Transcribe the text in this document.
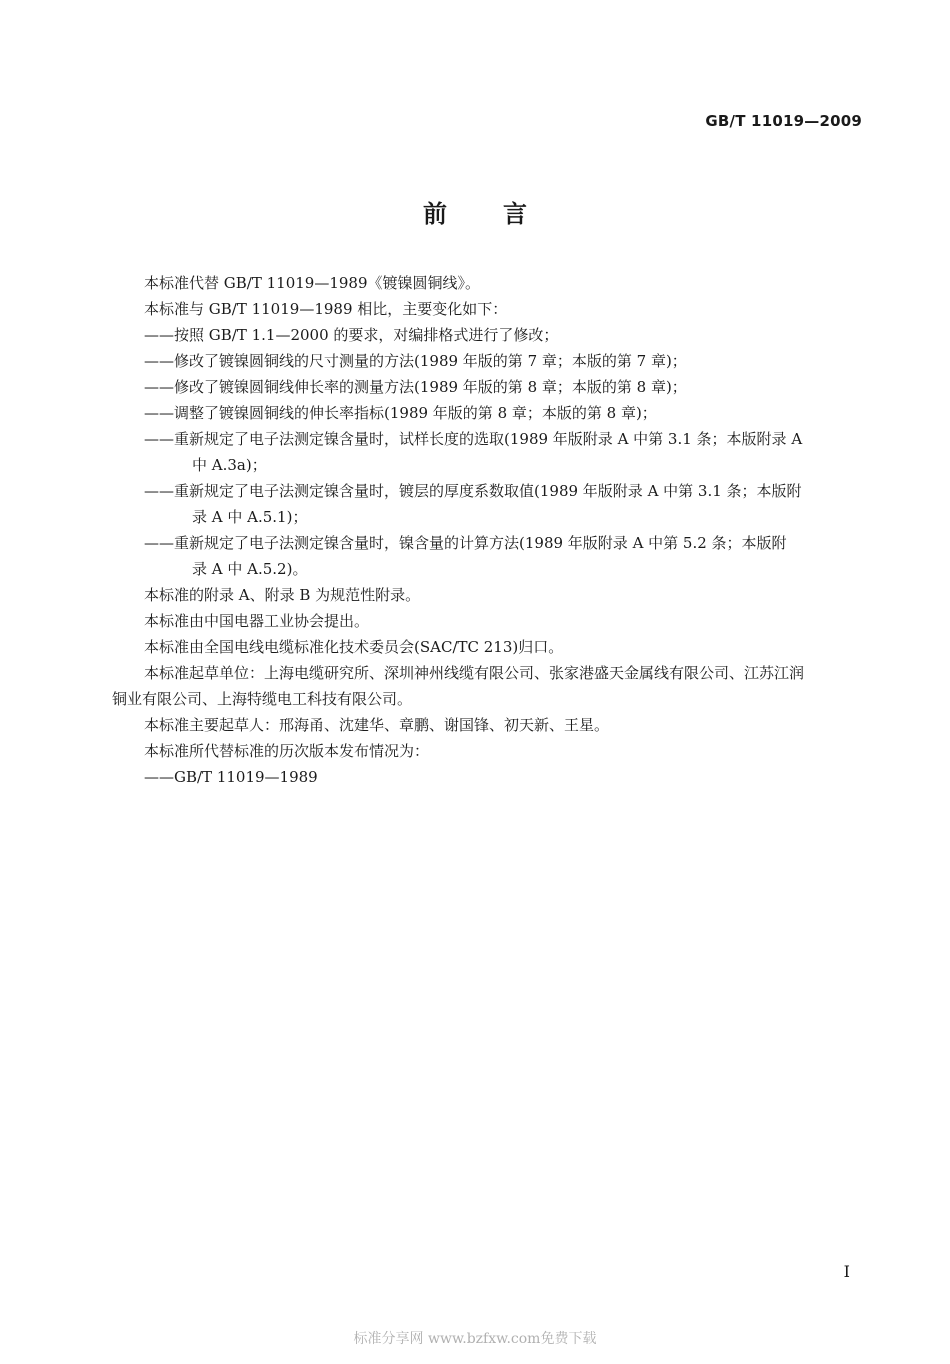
GB/T 11019—2009
前言
本标准代替 GB/T 11019—1989《镀镍圆铜线》。
本标准与 GB/T 11019—1989 相比，主要变化如下：
——按照 GB/T 1.1—2000 的要求，对编排格式进行了修改；
——修改了镀镍圆铜线的尺寸测量的方法(1989 年版的第 7 章；本版的第 7 章)；
——修改了镀镍圆铜线伸长率的测量方法(1989 年版的第 8 章；本版的第 8 章)；
——调整了镀镍圆铜线的伸长率指标(1989 年版的第 8 章；本版的第 8 章)；
——重新规定了电子法测定镍含量时，试样长度的选取(1989 年版附录 A 中第 3.1 条；本版附录 A
中 A.3a)；
——重新规定了电子法测定镍含量时，镀层的厚度系数取值(1989 年版附录 A 中第 3.1 条；本版附
录 A 中 A.5.1)；
——重新规定了电子法测定镍含量时，镍含量的计算方法(1989 年版附录 A 中第 5.2 条；本版附
录 A 中 A.5.2)。
本标准的附录 A、附录 B 为规范性附录。
本标准由中国电器工业协会提出。
本标准由全国电线电缆标准化技术委员会(SAC/TC 213)归口。
本标准起草单位：上海电缆研究所、深圳神州线缆有限公司、张家港盛天金属线有限公司、江苏江润
铜业有限公司、上海特缆电工科技有限公司。
本标准主要起草人：邢海甬、沈建华、章鹏、谢国锋、初天新、王星。
本标准所代替标准的历次版本发布情况为：
——GB/T 11019—1989
I
标准分享网 www.bzfxw.com免费下载
